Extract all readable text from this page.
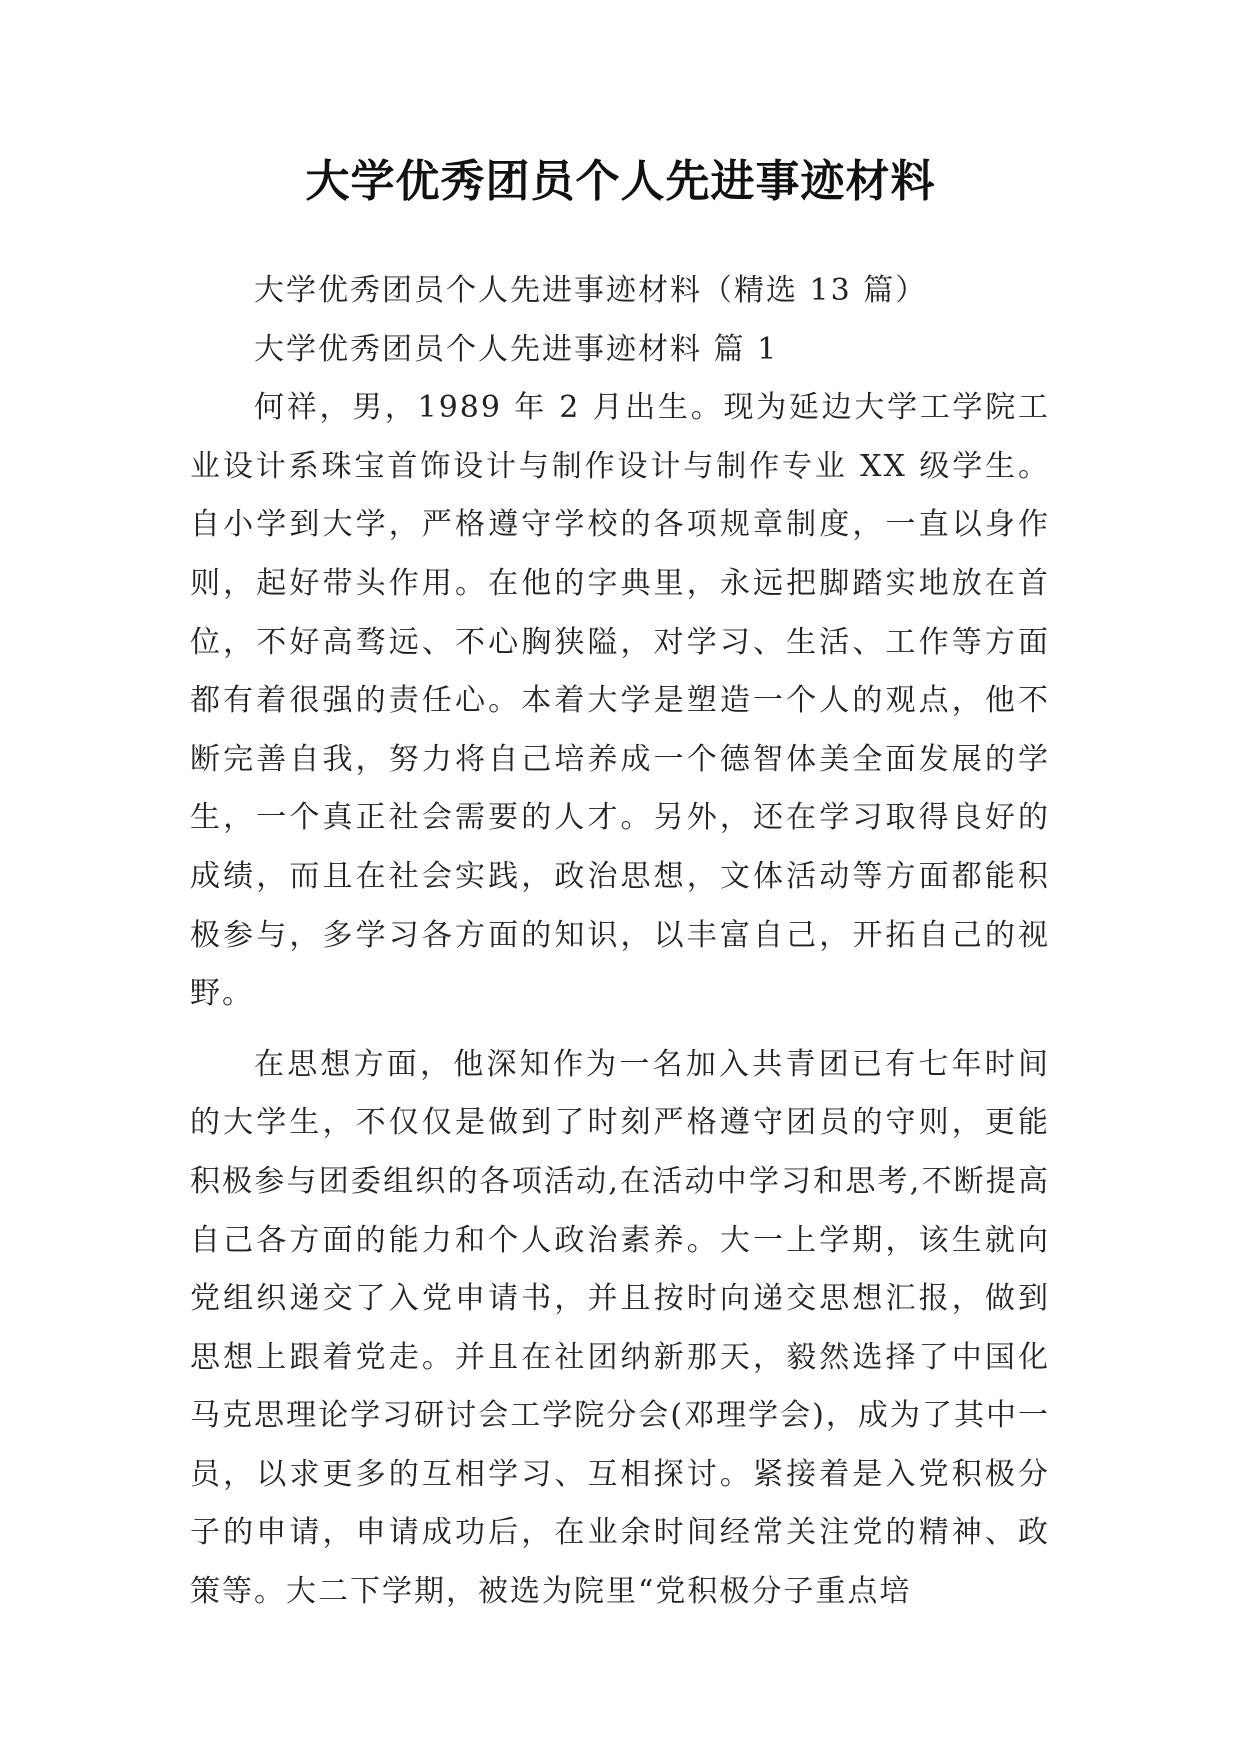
大学优秀团员个人先进事迹材料

大学优秀团员个人先进事迹材料（精选 13 篇）

大学优秀团员个人先进事迹材料 篇 1

何祥，男，1989 年 2 月出生。现为延边大学工学院工业设计系珠宝首饰设计与制作设计与制作专业 XX 级学生。自小学到大学，严格遵守学校的各项规章制度，一直以身作则，起好带头作用。在他的字典里，永远把脚踏实地放在首位，不好高骛远、不心胸狭隘，对学习、生活、工作等方面都有着很强的责任心。本着大学是塑造一个人的观点，他不断完善自我，努力将自己培养成一个德智体美全面发展的学生，一个真正社会需要的人才。另外，还在学习取得良好的成绩，而且在社会实践，政治思想，文体活动等方面都能积极参与，多学习各方面的知识，以丰富自己，开拓自己的视野。

在思想方面，他深知作为一名加入共青团已有七年时间的大学生，不仅仅是做到了时刻严格遵守团员的守则，更能积极参与团委组织的各项活动,在活动中学习和思考,不断提高自己各方面的能力和个人政治素养。大一上学期，该生就向党组织递交了入党申请书，并且按时向递交思想汇报，做到思想上跟着党走。并且在社团纳新那天，毅然选择了中国化马克思理论学习研讨会工学院分会(邓理学会)，成为了其中一员，以求更多的互相学习、互相探讨。紧接着是入党积极分子的申请，申请成功后，在业余时间经常关注党的精神、政策等。大二下学期，被选为院里“党积极分子重点培
